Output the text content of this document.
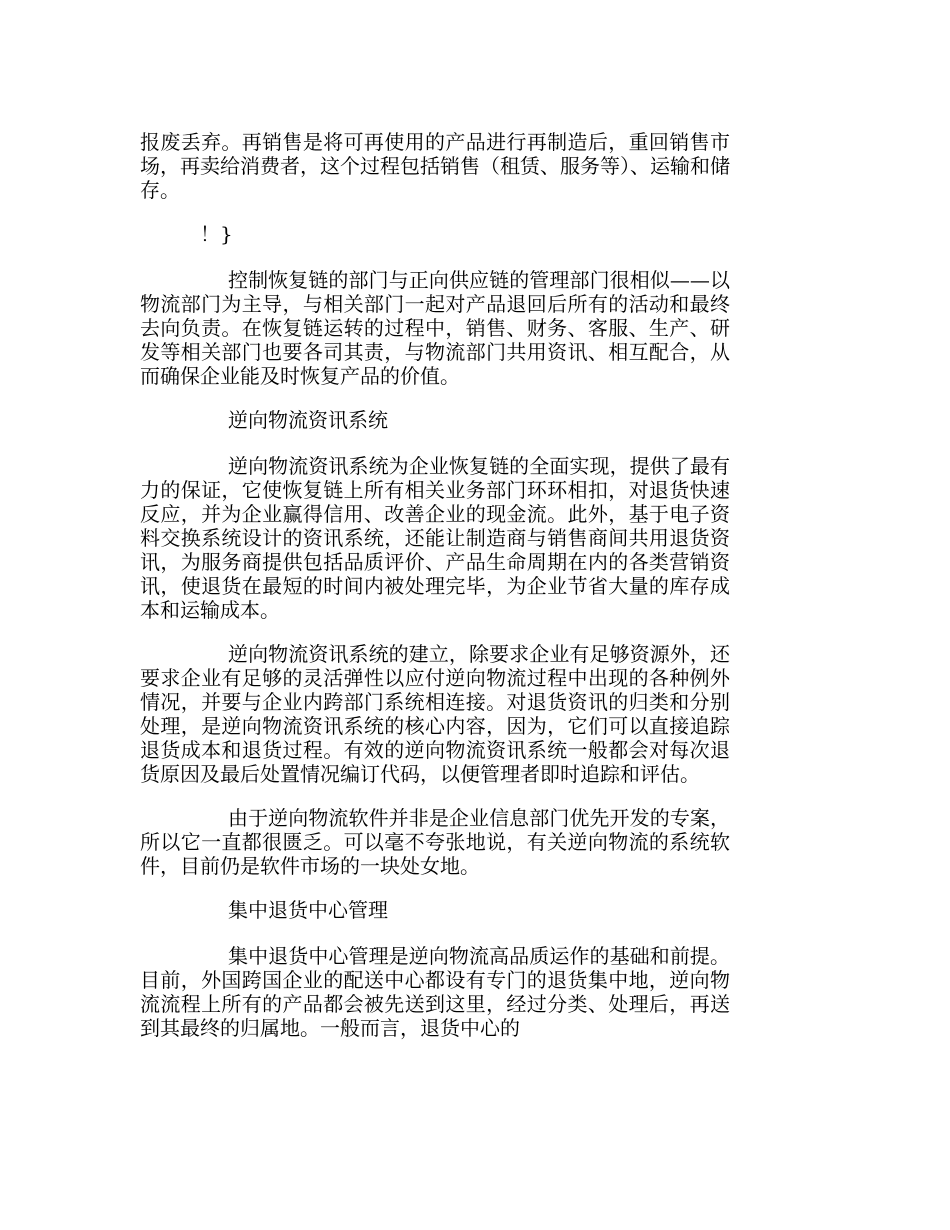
报废丢弃。再销售是将可再使用的产品进行再制造后，重回销售市场，再卖给消费者，这个过程包括销售（租赁、服务等）、运输和储存。

！}

控制恢复链的部门与正向供应链的管理部门很相似——以物流部门为主导，与相关部门一起对产品退回后所有的活动和最终去向负责。在恢复链运转的过程中，销售、财务、客服、生产、研发等相关部门也要各司其责，与物流部门共用资讯、相互配合，从而确保企业能及时恢复产品的价值。

逆向物流资讯系统

逆向物流资讯系统为企业恢复链的全面实现，提供了最有力的保证，它使恢复链上所有相关业务部门环环相扣，对退货快速反应，并为企业赢得信用、改善企业的现金流。此外，基于电子资料交换系统设计的资讯系统，还能让制造商与销售商间共用退货资讯，为服务商提供包括品质评价、产品生命周期在内的各类营销资讯，使退货在最短的时间内被处理完毕，为企业节省大量的库存成本和运输成本。

逆向物流资讯系统的建立，除要求企业有足够资源外，还要求企业有足够的灵活弹性以应付逆向物流过程中出现的各种例外情况，并要与企业内跨部门系统相连接。对退货资讯的归类和分别处理，是逆向物流资讯系统的核心内容，因为，它们可以直接追踪退货成本和退货过程。有效的逆向物流资讯系统一般都会对每次退货原因及最后处置情况编订代码，以便管理者即时追踪和评估。

由于逆向物流软件并非是企业信息部门优先开发的专案，所以它一直都很匮乏。可以毫不夸张地说，有关逆向物流的系统软件，目前仍是软件市场的一块处女地。

集中退货中心管理

集中退货中心管理是逆向物流高品质运作的基础和前提。目前，外国跨国企业的配送中心都设有专门的退货集中地，逆向物流流程上所有的产品都会被先送到这里，经过分类、处理后，再送到其最终的归属地。一般而言，退货中心的
